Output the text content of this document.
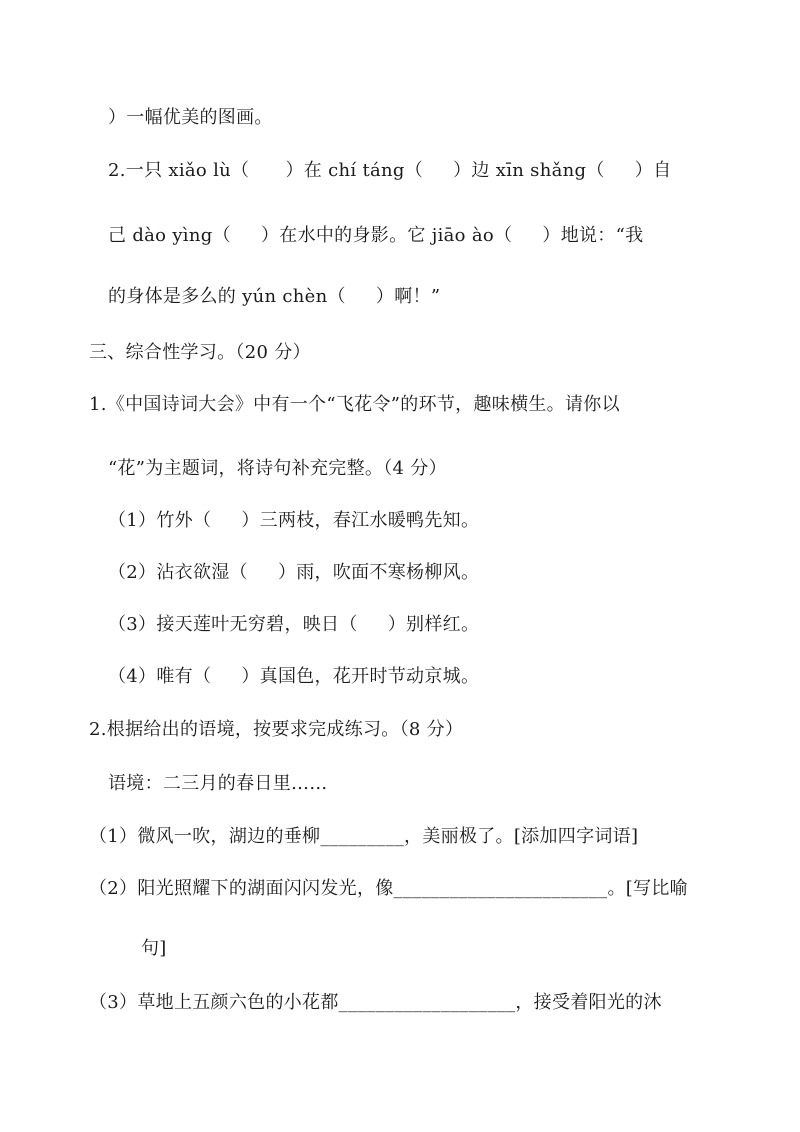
）一幅优美的图画。
2.一只 xiǎo lù（      ）在 chí táng（     ）边 xīn shǎng（     ）自
己 dào yìng（     ）在水中的身影。它 jiāo ào（     ）地说：“我
的身体是多么的 yún chèn（     ）啊！”
三、综合性学习。（20 分）
1.《中国诗词大会》中有一个“飞花令”的环节，趣味横生。请你以
“花”为主题词，将诗句补充完整。（4 分）
（1）竹外（     ）三两枝，春江水暖鸭先知。
（2）沾衣欲湿（     ）雨，吹面不寒杨柳风。
（3）接天莲叶无穷碧，映日（     ）别样红。
（4）唯有（     ）真国色，花开时节动京城。
2.根据给出的语境，按要求完成练习。（8 分）
语境：二三月的春日里……
（1）微风一吹，湖边的垂柳_________，美丽极了。[添加四字词语]
（2）阳光照耀下的湖面闪闪发光，像_______________________。[写比喻
句]
（3）草地上五颜六色的小花都___________________，接受着阳光的沐
